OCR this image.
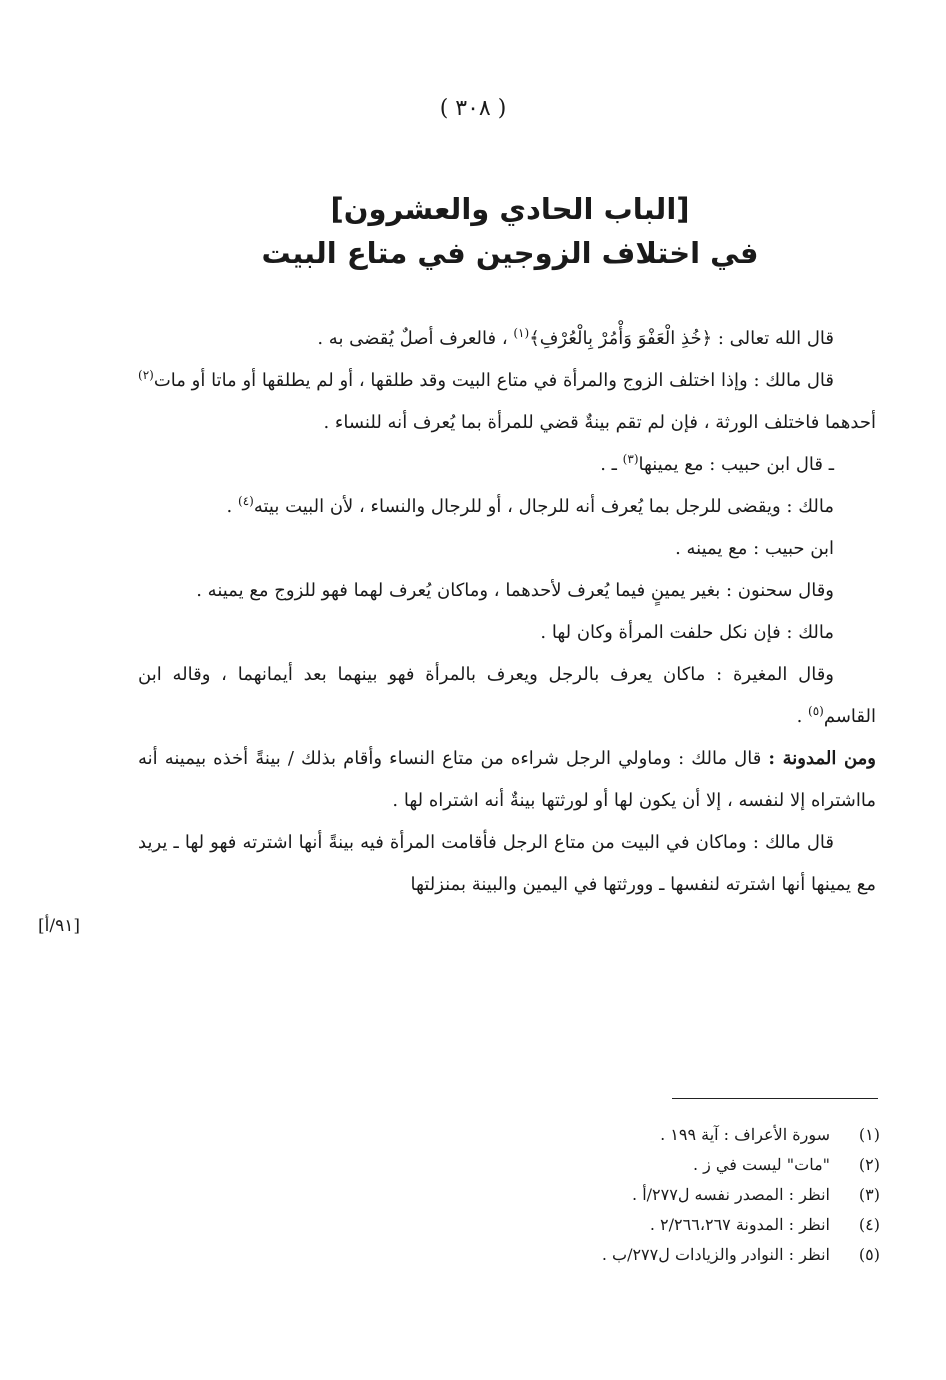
( ٣٠٨ )
[الباب الحادي والعشرون]
في اختلاف الزوجين في متاع البيت

قال الله تعالى : ﴿خُذِ الْعَفْوَ وَأْمُرْ بِالْعُرْفِ﴾$^{(١)}$ ، فالعرف أصلٌ يُقضى به .

قال مالك : وإذا اختلف الزوج والمرأة في متاع البيت وقد طلقها ، أو لم يطلقها أو ماتا أو مات$^{(٢)}$ أحدهما فاختلف الورثة ، فإن لم تقم بينةٌ قضي للمرأة بما يُعرف أنه للنساء .

ـ قال ابن حبيب : مع يمينها$^{(٣)}$ ـ .

مالك : ويقضى للرجل بما يُعرف أنه للرجال ، أو للرجال والنساء ، لأن البيت بيته$^{(٤)}$ .

ابن حبيب : مع يمينه .

وقال سحنون : بغير يمينٍ فيما يُعرف لأحدهما ، وماكان يُعرف لهما فهو للزوج مع يمينه .

مالك : فإن نكل حلفت المرأة وكان لها .

وقال المغيرة : ماكان يعرف بالرجل ويعرف بالمرأة فهو بينهما بعد أيمانهما ، وقاله ابن القاسم$^{(٥)}$ .

ومن المدونة : قال مالك : وماولي الرجل شراءه من متاع النساء وأقام بذلك / بينةً أخذه بيمينه أنه مااشتراه إلا لنفسه ، إلا أن يكون لها أو لورثتها بينةٌ أنه اشتراه لها .

قال مالك : وماكان في البيت من متاع الرجل فأقامت المرأة فيه بينةً أنها اشترته فهو لها ـ يريد مع يمينها أنها اشترته لنفسها ـ وورثتها في اليمين والبينة بمنزلتها

[٩١/أ]
(١)سورة الأعراف : آية ١٩٩ .
(٢)"مات" ليست في ز .
(٣)انظر : المصدر نفسه ل٢٧٧/أ .
(٤)انظر : المدونة ٢/٢٦٦،٢٦٧ .
(٥)انظر : النوادر والزيادات ل٢٧٧/ب .
